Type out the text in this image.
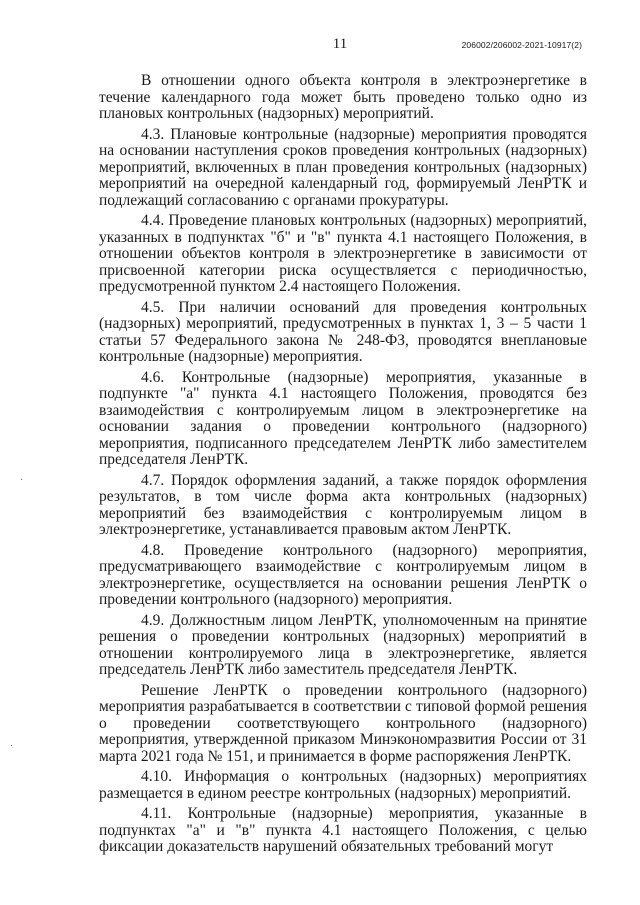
11	206002/206002-2021-10917(2)

В отношении одного объекта контроля в электроэнергетике в течение календарного года может быть проведено только одно из плановых контрольных (надзорных) мероприятий.

4.3. Плановые контрольные (надзорные) мероприятия проводятся на основании наступления сроков проведения контрольных (надзорных) мероприятий, включенных в план проведения контрольных (надзорных) мероприятий на очередной календарный год, формируемый ЛенРТК и подлежащий согласованию с органами прокуратуры.

4.4. Проведение плановых контрольных (надзорных) мероприятий, указанных в подпунктах "б" и "в" пункта 4.1 настоящего Положения, в отношении объектов контроля в электроэнергетике в зависимости от присвоенной категории риска осуществляется с периодичностью, предусмотренной пунктом 2.4 настоящего Положения.

4.5. При наличии оснований для проведения контрольных (надзорных) мероприятий, предусмотренных в пунктах 1, 3 – 5 части 1 статьи 57 Федерального закона № 248-ФЗ, проводятся внеплановые контрольные (надзорные) мероприятия.

4.6. Контрольные (надзорные) мероприятия, указанные в подпункте "а" пункта 4.1 настоящего Положения, проводятся без взаимодействия с контролируемым лицом в электроэнергетике на основании задания о проведении контрольного (надзорного) мероприятия, подписанного председателем ЛенРТК либо заместителем председателя ЛенРТК.

4.7. Порядок оформления заданий, а также порядок оформления результатов, в том числе форма акта контрольных (надзорных) мероприятий без взаимодействия с контролируемым лицом в электроэнергетике, устанавливается правовым актом ЛенРТК.

4.8. Проведение контрольного (надзорного) мероприятия, предусматривающего взаимодействие с контролируемым лицом в электроэнергетике, осуществляется на основании решения ЛенРТК о проведении контрольного (надзорного) мероприятия.

4.9. Должностным лицом ЛенРТК, уполномоченным на принятие решения о проведении контрольных (надзорных) мероприятий в отношении контролируемого лица в электроэнергетике, является председатель ЛенРТК либо заместитель председателя ЛенРТК.

Решение ЛенРТК о проведении контрольного (надзорного) мероприятия разрабатывается в соответствии с типовой формой решения о проведении соответствующего контрольного (надзорного) мероприятия, утвержденной приказом Минэкономразвития России от 31 марта 2021 года № 151, и принимается в форме распоряжения ЛенРТК.

4.10. Информация о контрольных (надзорных) мероприятиях размещается в едином реестре контрольных (надзорных) мероприятий.

4.11. Контрольные (надзорные) мероприятия, указанные в подпунктах "а" и "в" пункта 4.1 настоящего Положения, с целью фиксации доказательств нарушений обязательных требований могут

·
·
